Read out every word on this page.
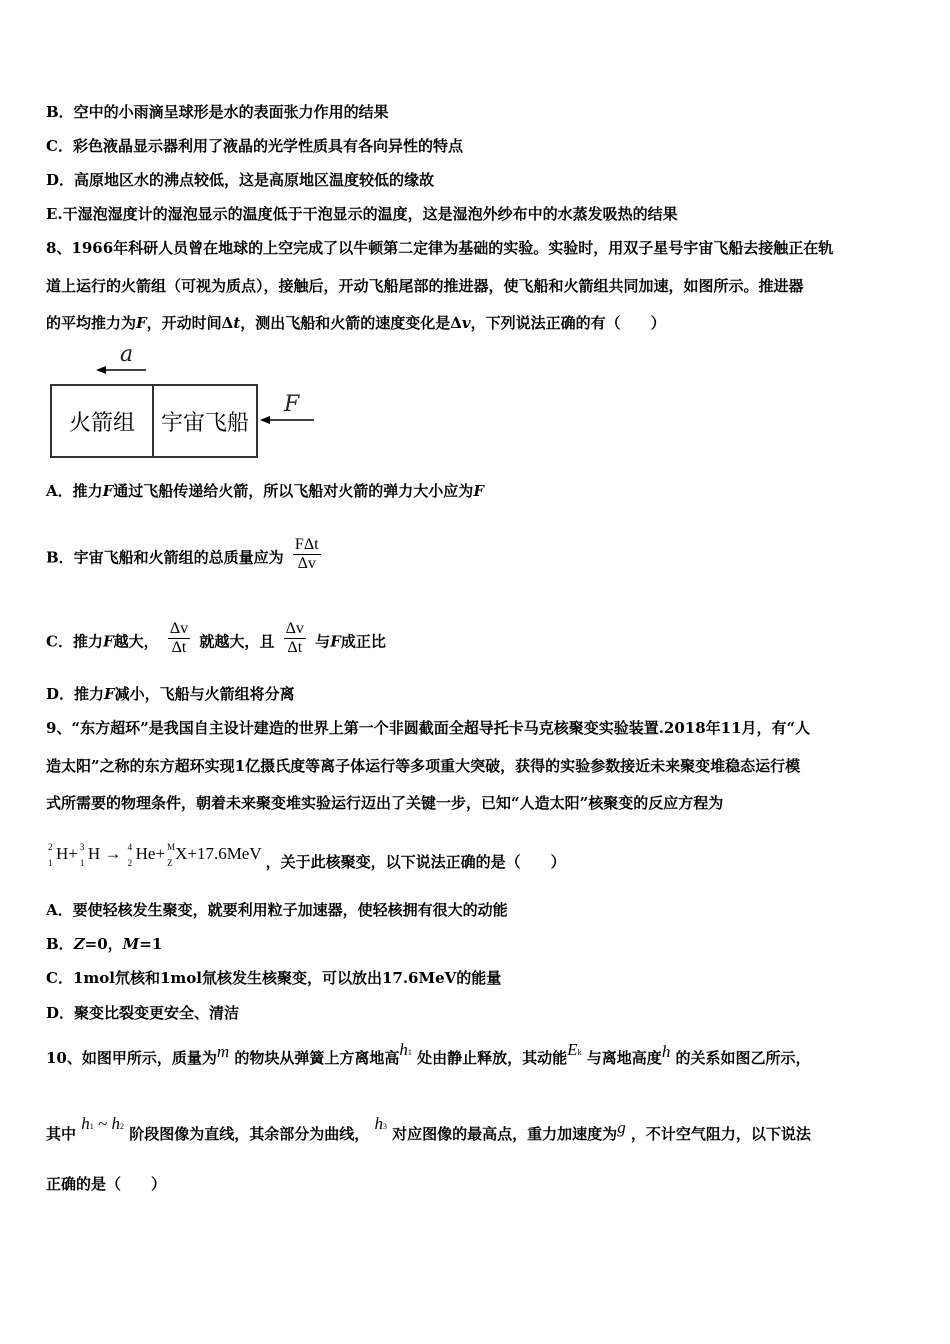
B．空中的小雨滴呈球形是水的表面张力作用的结果
C．彩色液晶显示器利用了液晶的光学性质具有各向异性的特点
D．高原地区水的沸点较低，这是高原地区温度较低的缘故
E.干湿泡湿度计的湿泡显示的温度低于干泡显示的温度，这是湿泡外纱布中的水蒸发吸热的结果
8、1966年科研人员曾在地球的上空完成了以牛顿第二定律为基础的实验。实验时，用双子星号宇宙飞船去接触正在轨
道上运行的火箭组（可视为质点），接触后，开动飞船尾部的推进器，使飞船和火箭组共同加速，如图所示。推进器
的平均推力为F，开动时间Δt，测出飞船和火箭的速度变化是Δv，下列说法正确的有（　　）
a
F
火箭组	宇宙飞船
A．推力F通过飞船传递给火箭，所以飞船对火箭的弹力大小应为F
B．宇宙飞船和火箭组的总质量应为 $\frac{\text{FΔt}}{\Delta v}$
C．推力F越大， $\frac{\Delta v}{\Delta t}$ 就越大，且 $\frac{\Delta v}{\Delta t}$ 与F成正比
D．推力F减小，飞船与火箭组将分离
9、“东方超环”是我国自主设计建造的世界上第一个非圆截面全超导托卡马克核聚变实验装置.2018年11月，有“人
造太阳”之称的东方超环实现1亿摄氏度等离子体运行等多项重大突破，获得的实验参数接近未来聚变堆稳态运行模
式所需要的物理条件，朝着未来聚变堆实验运行迈出了关键一步，已知“人造太阳”核聚变的反应方程为
2
1
H+ 3
1
H → 4
2
He+ M
Z
X+17.6MeV ，关于此核聚变，以下说法正确的是（　　）
A．要使轻核发生聚变，就要利用粒子加速器，使轻核拥有很大的动能
B．Z=0，M=1
C．1mol氘核和1mol氚核发生核聚变，可以放出17.6MeV的能量
D．聚变比裂变更安全、清洁
10、如图甲所示，质量为m 的物块从弹簧上方离地高h1 处由静止释放，其动能Ek 与离地高度h 的关系如图乙所示，
其中 h1 ~ h2 阶段图像为直线，其余部分为曲线， h3 对应图像的最高点，重力加速度为g ，不计空气阻力，以下说法
正确的是（　　）
